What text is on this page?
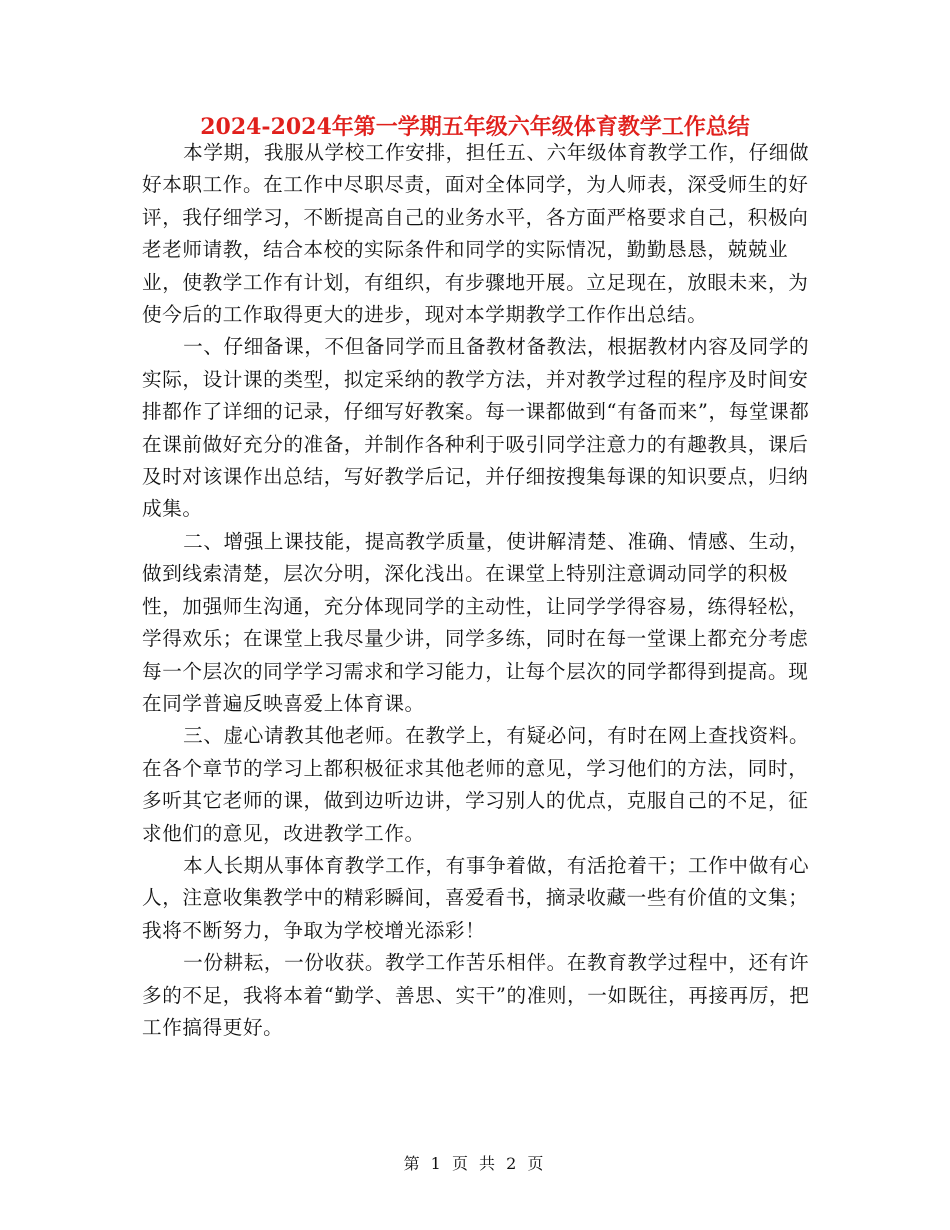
2024-2024年第一学期五年级六年级体育教学工作总结

本学期，我服从学校工作安排，担任五、六年级体育教学工作，仔细做好本职工作。在工作中尽职尽责，面对全体同学，为人师表，深受师生的好评，我仔细学习，不断提高自己的业务水平，各方面严格要求自己，积极向老老师请教，结合本校的实际条件和同学的实际情况，勤勤恳恳，兢兢业业，使教学工作有计划，有组织，有步骤地开展。立足现在，放眼未来，为使今后的工作取得更大的进步，现对本学期教学工作作出总结。

一、仔细备课，不但备同学而且备教材备教法，根据教材内容及同学的实际，设计课的类型，拟定采纳的教学方法，并对教学过程的程序及时间安排都作了详细的记录，仔细写好教案。每一课都做到“有备而来”，每堂课都在课前做好充分的准备，并制作各种利于吸引同学注意力的有趣教具，课后及时对该课作出总结，写好教学后记，并仔细按搜集每课的知识要点，归纳成集。

二、增强上课技能，提高教学质量，使讲解清楚、准确、情感、生动，做到线索清楚，层次分明，深化浅出。在课堂上特别注意调动同学的积极性，加强师生沟通，充分体现同学的主动性，让同学学得容易，练得轻松，学得欢乐；在课堂上我尽量少讲，同学多练，同时在每一堂课上都充分考虑每一个层次的同学学习需求和学习能力，让每个层次的同学都得到提高。现在同学普遍反映喜爱上体育课。

三、虚心请教其他老师。在教学上，有疑必问，有时在网上查找资料。在各个章节的学习上都积极征求其他老师的意见，学习他们的方法，同时，多听其它老师的课，做到边听边讲，学习别人的优点，克服自己的不足，征求他们的意见，改进教学工作。

本人长期从事体育教学工作，有事争着做，有活抢着干；工作中做有心人，注意收集教学中的精彩瞬间，喜爱看书，摘录收藏一些有价值的文集；我将不断努力，争取为学校增光添彩！

一份耕耘，一份收获。教学工作苦乐相伴。在教育教学过程中，还有许多的不足，我将本着“勤学、善思、实干”的准则，一如既往，再接再厉，把工作搞得更好。

第 1 页 共 2 页
